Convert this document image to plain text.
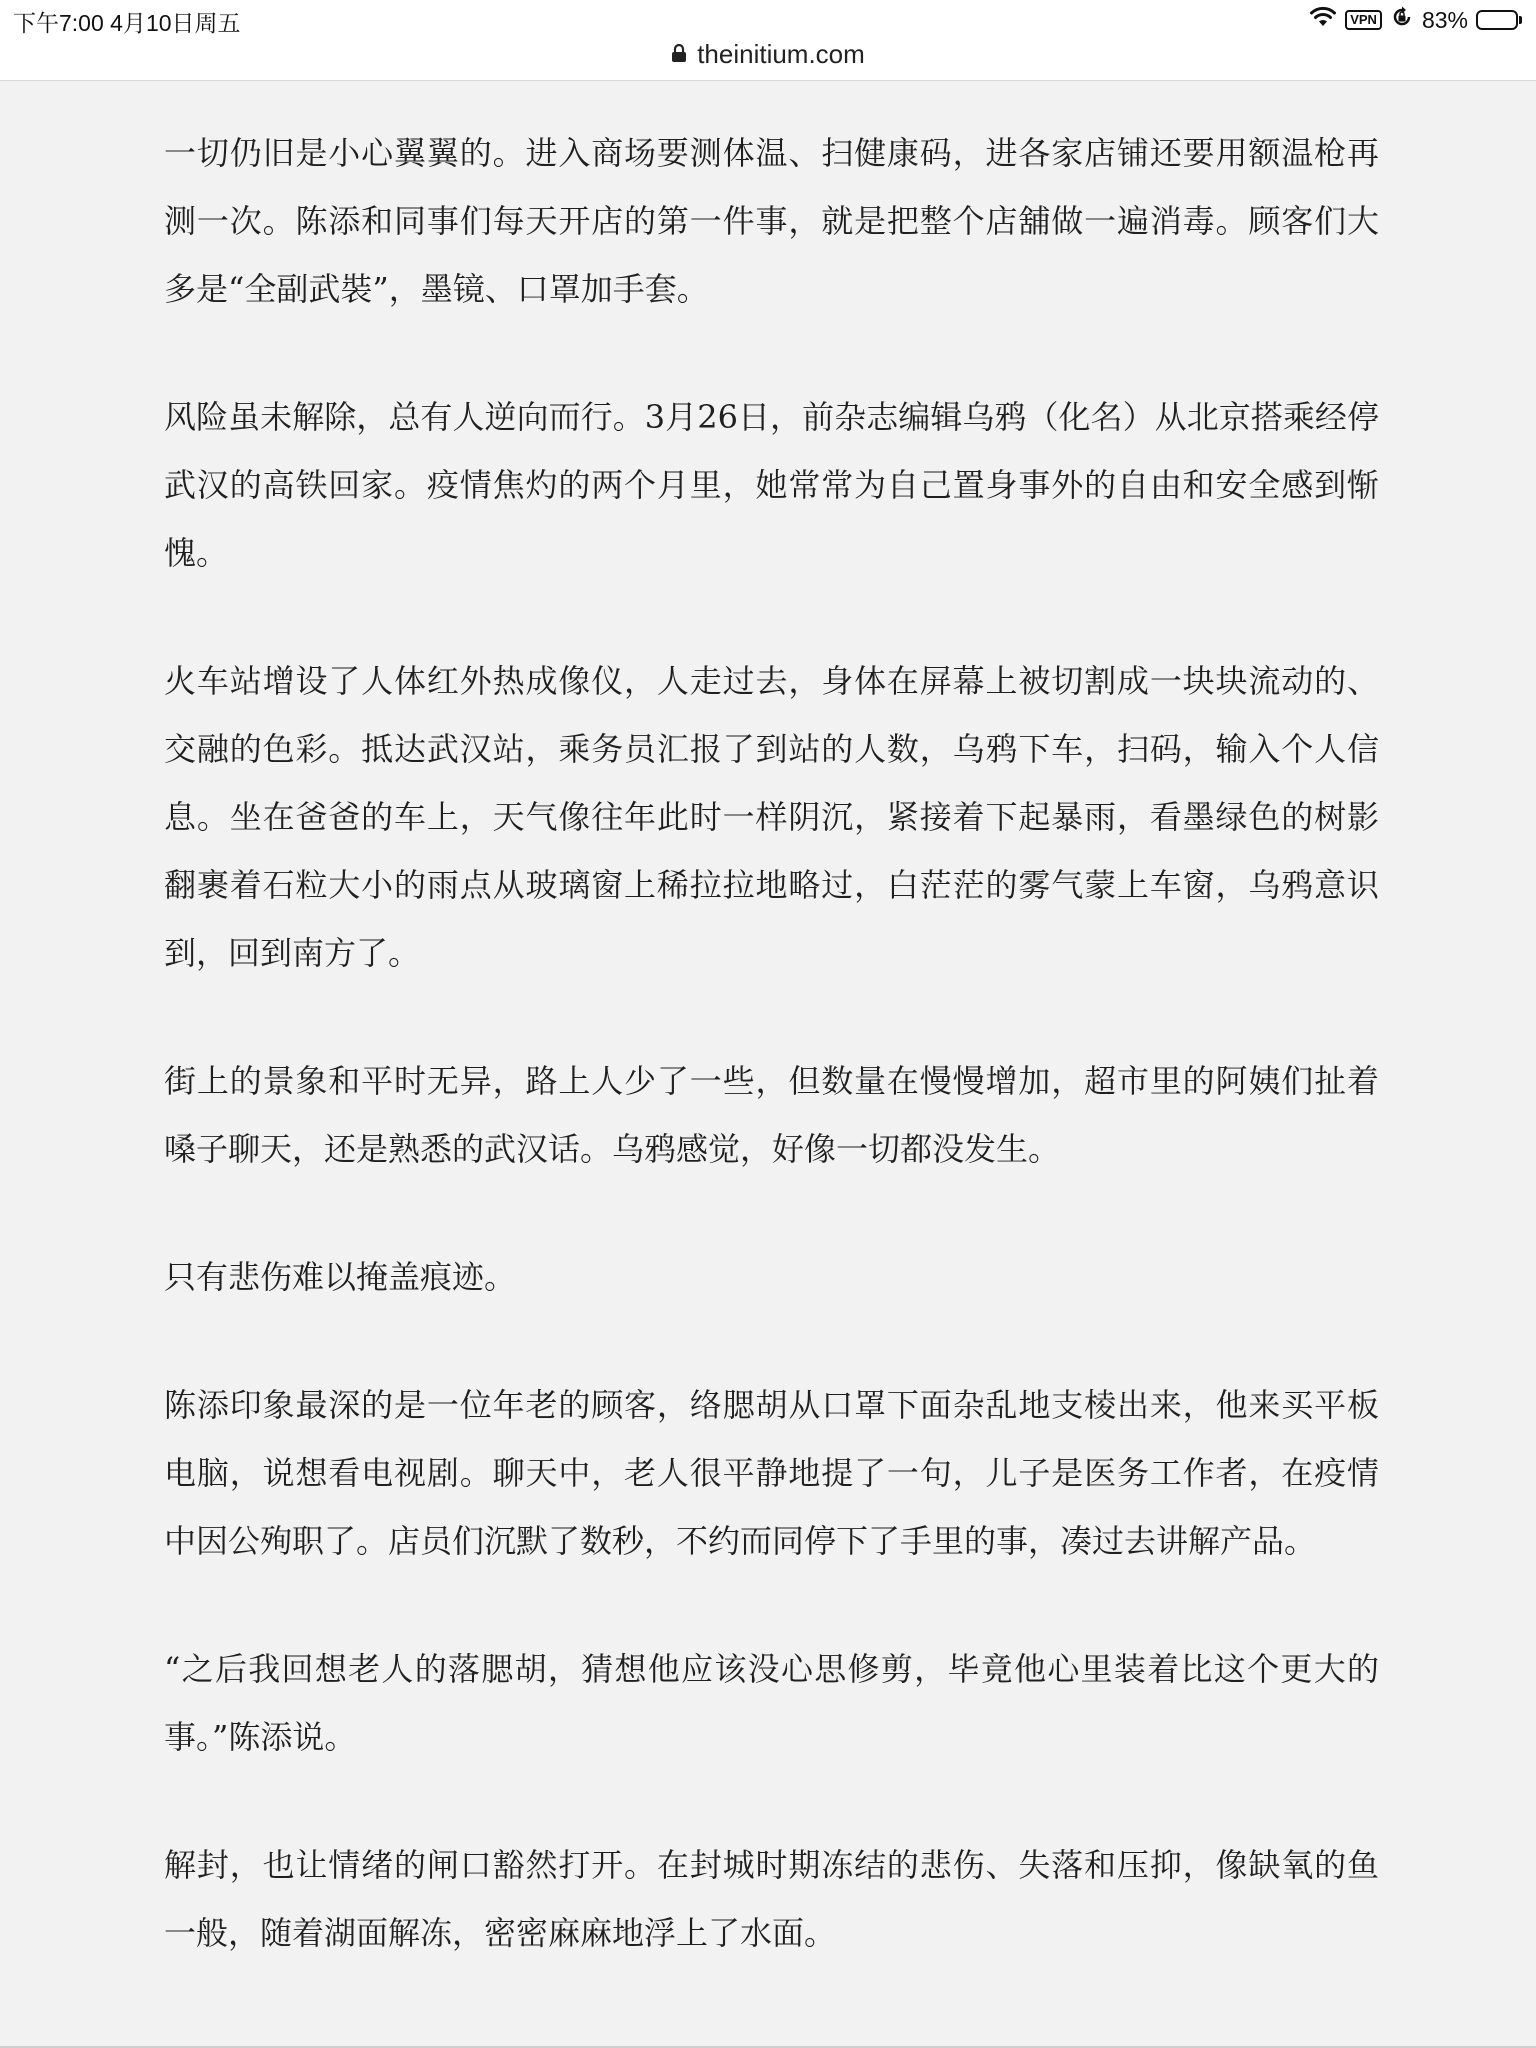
下午7:00 4月10日周五	VPN 83%
theinitium.com

一切仍旧是小心翼翼的。进入商场要测体温、扫健康码，进各家店铺还要用额温枪再测一次。陈添和同事们每天开店的第一件事，就是把整个店舖做一遍消毒。顾客们大多是“全副武裝”，墨镜、口罩加手套。

风险虽未解除，总有人逆向而行。3月26日，前杂志编辑乌鸦（化名）从北京搭乘经停武汉的高铁回家。疫情焦灼的两个月里，她常常为自己置身事外的自由和安全感到惭愧。

火车站增设了人体红外热成像仪，人走过去，身体在屏幕上被切割成一块块流动的、交融的色彩。抵达武汉站，乘务员汇报了到站的人数，乌鸦下车，扫码，输入个人信息。坐在爸爸的车上，天气像往年此时一样阴沉，紧接着下起暴雨，看墨绿色的树影翻裹着石粒大小的雨点从玻璃窗上稀拉拉地略过，白茫茫的雾气蒙上车窗，乌鸦意识到，回到南方了。

街上的景象和平时无异，路上人少了一些，但数量在慢慢增加，超市里的阿姨们扯着嗓子聊天，还是熟悉的武汉话。乌鸦感觉，好像一切都没发生。

只有悲伤难以掩盖痕迹。

陈添印象最深的是一位年老的顾客，络腮胡从口罩下面杂乱地支棱出来，他来买平板电脑，说想看电视剧。聊天中，老人很平静地提了一句，儿子是医务工作者，在疫情中因公殉职了。店员们沉默了数秒，不约而同停下了手里的事，凑过去讲解产品。

“之后我回想老人的落腮胡，猜想他应该没心思修剪，毕竟他心里装着比这个更大的事。”陈添说。

解封，也让情绪的闸口豁然打开。在封城时期冻结的悲伤、失落和压抑，像缺氧的鱼一般，随着湖面解冻，密密麻麻地浮上了水面。
